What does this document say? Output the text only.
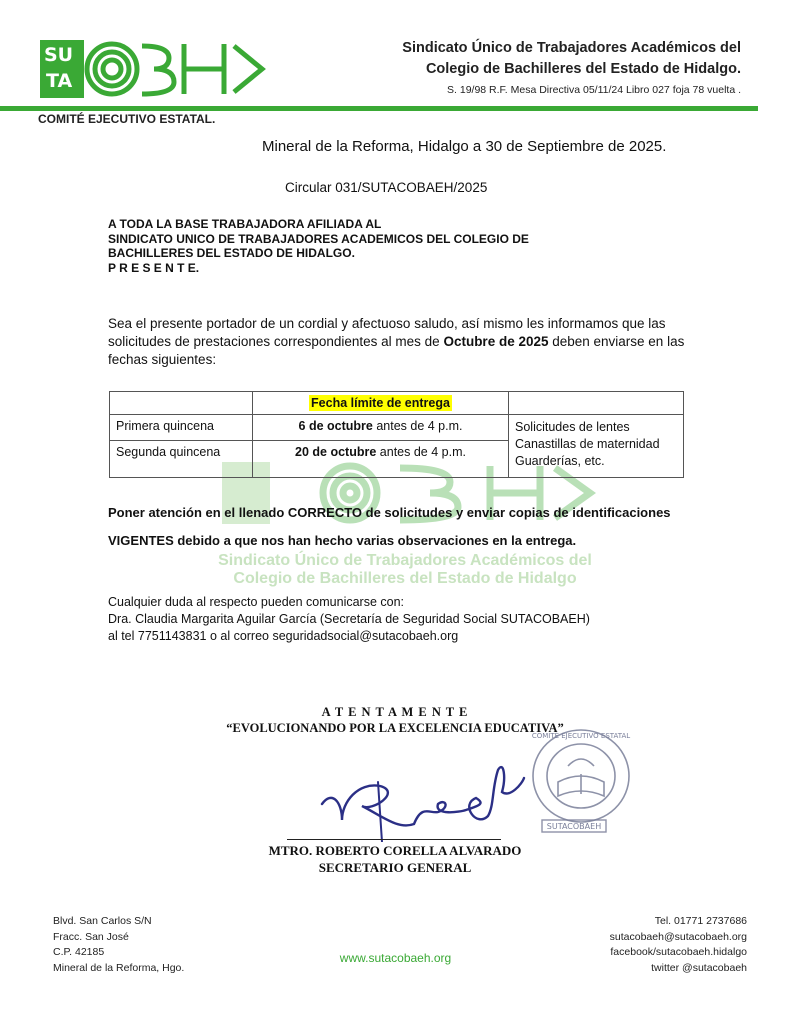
SU
TA
Sindicato Único de Trabajadores Académicos del
Colegio de Bachilleres del Estado de Hidalgo.
S. 19/98 R.F. Mesa Directiva 05/11/24 Libro 027 foja 78 vuelta .
COMITÉ EJECUTIVO ESTATAL.
Sindicato Único de Trabajadores Académicos del
Colegio de Bachilleres del Estado de Hidalgo
Mineral de la Reforma, Hidalgo a 30 de Septiembre de 2025.
Circular 031/SUTACOBAEH/2025
A TODA LA BASE TRABAJADORA AFILIADA AL
SINDICATO UNICO DE TRABAJADORES ACADEMICOS DEL COLEGIO DE
BACHILLERES DEL ESTADO DE HIDALGO.
P R E S E N T E.
Sea el presente portador de un cordial y afectuoso saludo, así mismo les informamos que las solicitudes de prestaciones correspondientes al mes de Octubre de 2025 deben enviarse en las fechas siguientes:
	Fecha límite de entrega	
Primera quincena	6 de octubre antes de 4 p.m.	Solicitudes de lentes
Canastillas de maternidad
Guarderías, etc.

Segunda quincena	20 de octubre antes de 4 p.m.	
Poner atención en el llenado CORRECTO de solicitudes y enviar copias de identificaciones
VIGENTES debido a que nos han hecho varias observaciones en la entrega.
Cualquier duda al respecto pueden comunicarse con:
Dra. Claudia Margarita Aguilar García (Secretaría de Seguridad Social SUTACOBAEH)
al tel 7751143831 o al correo seguridadsocial@sutacobaeh.org
A T E N T A M E N T E
“EVOLUCIONANDO POR LA EXCELENCIA EDUCATIVA”
COMITÉ EJECUTIVO ESTATAL
SUTACOBAEH
MTRO. ROBERTO CORELLA ALVARADO
SECRETARIO GENERAL
Blvd. San Carlos S/N
Fracc. San José
C.P. 42185
Mineral de la Reforma, Hgo.
www.sutacobaeh.org
Tel. 01771 2737686
sutacobaeh@sutacobaeh.org
facebook/sutacobaeh.hidalgo
twitter @sutacobaeh
